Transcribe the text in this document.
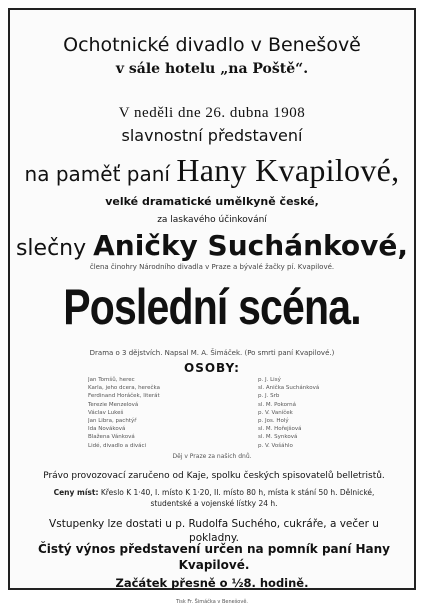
Ochotnické divadlo v Benešově

v sále hotelu „na Poště“.

V neděli dne 26. dubna 1908

slavnostní představení

na paměť paní Hany Kvapilové,

velké dramatické umělkyně české,

za laskavého účinkování

slečny Aničky Suchánkové,

člena činohry Národního divadla v Praze a bývalé žačky pí. Kvapilové.

Poslední scéna.

Drama o 3 dějstvích. Napsal M. A. Šimáček. (Po smrti paní Kvapilové.)

OSOBY:

Jan Tomšů, herec
Karla, jeho dcera, herečka
Ferdinand Horáček, literát
Terezie Menzelová
Václav Lukeš
Jan Libra, pachtýř
Ida Nováková
Blažena Vánková
Lidé, divadlo a diváci
p. J. Lisý
sl. Anička Suchánková
p. J. Srb
sl. M. Pokorná
p. V. Vaníček
p. Jos. Holý
sl. M. Hořejšová
sl. M. Synková
p. V. Vošáhlo

Děj v Praze za našich dnů.

Právo provozovací zaručeno od Kaje, spolku českých spisovatelů belletristů.

Ceny míst: Křeslo K 1·40, I. místo K 1·20, II. místo 80 h, místa k stání 50 h. Dělnické, studentské a vojenské lístky 24 h.

Vstupenky lze dostati u p. Rudolfa Suchého, cukráře, a večer u pokladny.

Čistý výnos představení určen na pomník paní Hany Kvapilové.

Začátek přesně o ½8. hodině.

Tisk Fr. Šimáčka v Benešově.
